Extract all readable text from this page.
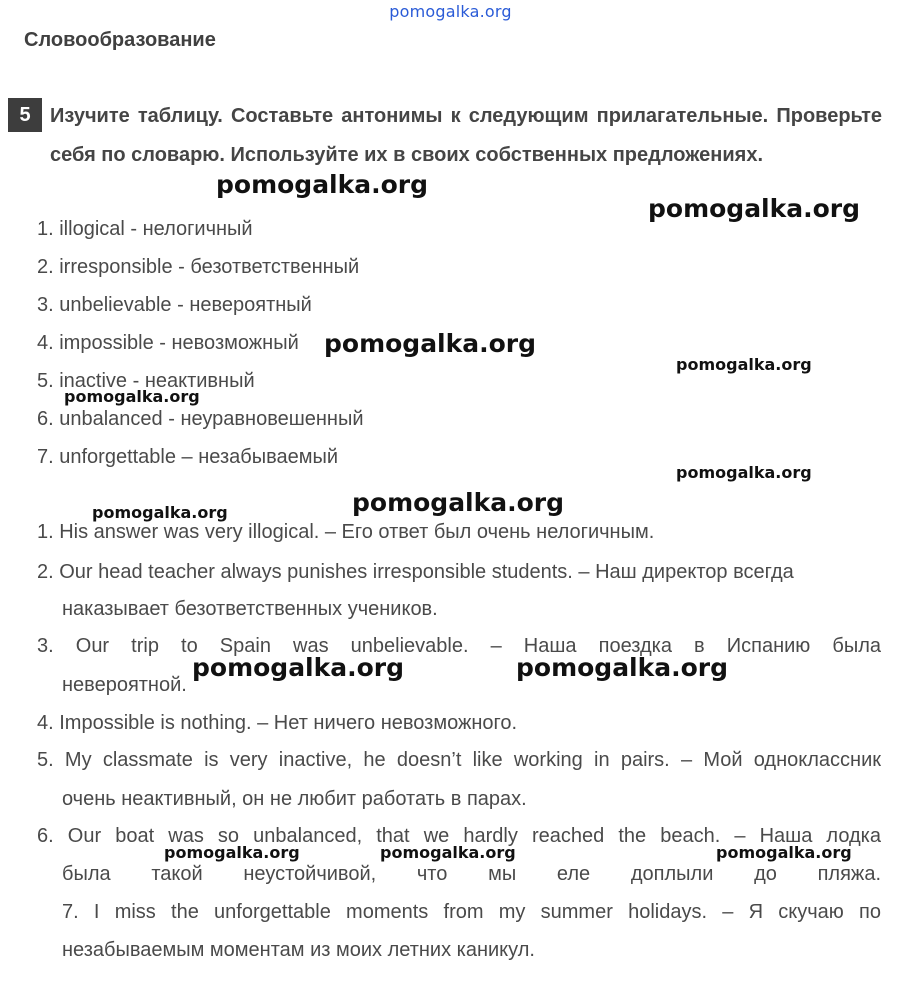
pomogalka.org
Словообразование
5 Изучите таблицу. Составьте антонимы к следующим прилагательные. Проверьте себя по словарю. Используйте их в своих собственных предложениях.
1. illogical - нелогичный
2. irresponsible - безответственный
3. unbelievable - невероятный
4. impossible - невозможный
5. inactive - неактивный
6. unbalanced - неуравновешенный
7. unforgettable – незабываемый
1. His answer was very illogical. – Его ответ был очень нелогичным.
2. Our head teacher always punishes irresponsible students. – Наш директор всегда
наказывает безответственных учеников.
3. Our trip to Spain was unbelievable. – Наша поездка в Испанию была
невероятной.
4. Impossible is nothing. – Нет ничего невозможного.
5. My classmate is very inactive, he doesn’t like working in pairs. – Мой одноклассник
очень неактивный, он не любит работать в парах.
6. Our boat was so unbalanced, that we hardly reached the beach. – Наша лодка
была такой неустойчивой, что мы еле доплыли до пляжа.
7. I miss the unforgettable moments from my summer holidays. – Я скучаю по
незабываемым моментам из моих летних каникул.
pomogalka.org
pomogalka.org
pomogalka.org
pomogalka.org
pomogalka.org
pomogalka.org
pomogalka.org	pomogalka.org
pomogalka.org	pomogalka.org
pomogalka.org	pomogalka.org	pomogalka.org
